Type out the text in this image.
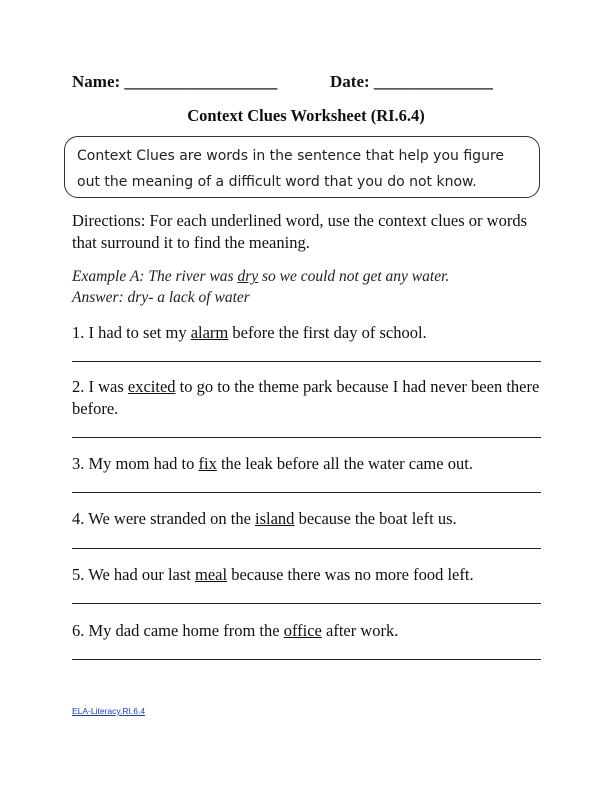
Name: __________________	Date: ______________
Context Clues Worksheet (RI.6.4)
Context Clues are words in the sentence that help you figure out the meaning of a difficult word that you do not know.
Directions: For each underlined word, use the context clues or words that surround it to find the meaning.
Example A: The river was dry so we could not get any water.
Answer: dry- a lack of water
1. I had to set my alarm before the first day of school.
2. I was excited to go to the theme park because I had never been there before.
3. My mom had to fix the leak before all the water came out.
4. We were stranded on the island because the boat left us.
5. We had our last meal because there was no more food left.
6. My dad came home from the office after work.
ELA-Literacy.RI.6.4
